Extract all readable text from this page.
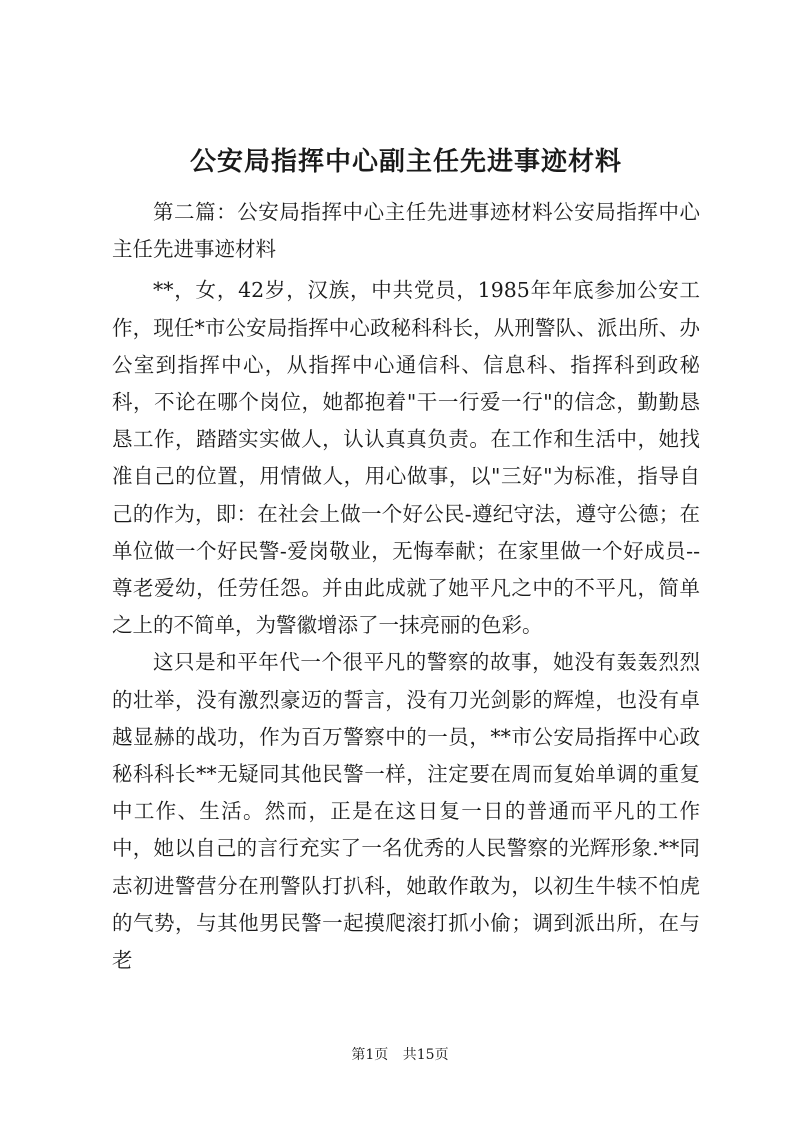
公安局指挥中心副主任先进事迹材料

第二篇：公安局指挥中心主任先进事迹材料公安局指挥中心主任先进事迹材料

**，女，42岁，汉族，中共党员，1985年年底参加公安工作，现任*市公安局指挥中心政秘科科长，从刑警队、派出所、办公室到指挥中心，从指挥中心通信科、信息科、指挥科到政秘科，不论在哪个岗位，她都抱着"干一行爱一行"的信念，勤勤恳恳工作，踏踏实实做人，认认真真负责。在工作和生活中，她找准自己的位置，用情做人，用心做事，以"三好"为标准，指导自己的作为，即：在社会上做一个好公民-遵纪守法，遵守公德；在单位做一个好民警-爱岗敬业，无悔奉献；在家里做一个好成员--尊老爱幼，任劳任怨。并由此成就了她平凡之中的不平凡，简单之上的不简单，为警徽增添了一抹亮丽的色彩。

这只是和平年代一个很平凡的警察的故事，她没有轰轰烈烈的壮举，没有激烈豪迈的誓言，没有刀光剑影的辉煌，也没有卓越显赫的战功，作为百万警察中的一员，**市公安局指挥中心政秘科科长**无疑同其他民警一样，注定要在周而复始单调的重复中工作、生活。然而，正是在这日复一日的普通而平凡的工作中，她以自己的言行充实了一名优秀的人民警察的光辉形象.**同志初进警营分在刑警队打扒科，她敢作敢为，以初生牛犊不怕虎的气势，与其他男民警一起摸爬滚打抓小偷；调到派出所，在与老

第1页 共15页
